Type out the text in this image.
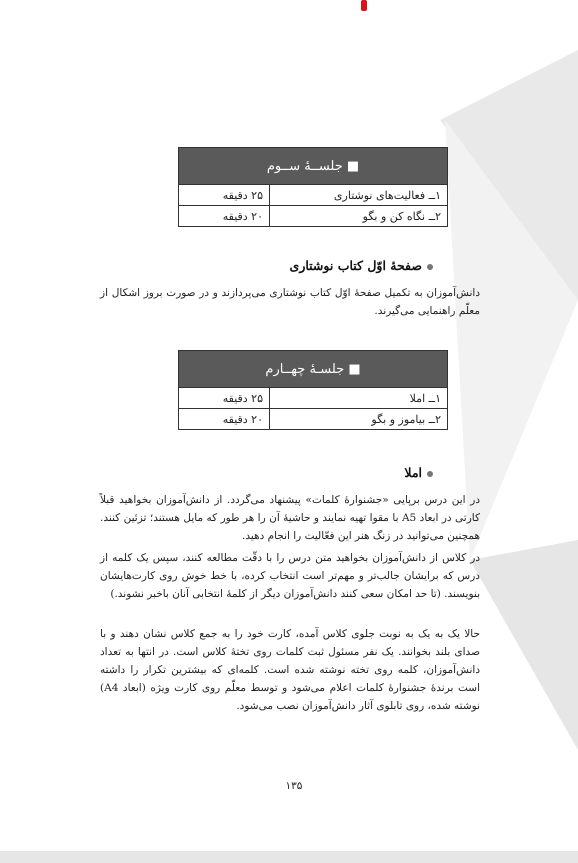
■ جلســهٔ ســوم
۱ــ فعالیت‌های نوشتاری
۲۵ دقیقه
۲ــ نگاه کن و بگو
۲۰ دقیقه
صفحهٔ اوّل کتاب نوشتاری

دانش‌آموزان به تکمیل صفحهٔ اوّل کتاب نوشتاری می‌پردازند و در صورت بروز اشکال از معلّم راهنمایی می‌گیرند.

■ جلسـهٔ چهــارم
۱ــ املا
۲۵ دقیقه
۲ــ بیاموز و بگو
۲۰ دقیقه
املا

در این درس برپایی «جشنوارهٔ کلمات» پیشنهاد می‌گردد. از دانش‌آموزان بخواهید قبلاً کارتی در ابعاد A5 با مقوا تهیه نمایند و حاشیهٔ آن را هر طور که مایل هستند؛ تزئین کنند. همچنین می‌توانید در زنگ هنر این فعّالیت را انجام دهید.

در کلاس از دانش‌آموزان بخواهید متن درس را با دقّت مطالعه کنند، سپس یک کلمه از درس که برایشان جالب‌تر و مهم‌تر است انتخاب کرده، با خط خوش روی کارت‌هایشان بنویسند. (تا حد امکان سعی کنند دانش‌آموزان دیگر از کلمهٔ انتخابی آنان باخبر نشوند.)

حالا یک به یک به نوبت جلوی کلاس آمده، کارت خود را به جمع کلاس نشان دهند و با صدای بلند بخوانند. یک نفر مسئول ثبت کلمات روی تختهٔ کلاس است. در انتها به تعداد دانش‌آموزان، کلمه روی تخته نوشته شده است. کلمه‌ای که بیشترین تکرار را داشته است برندهٔ جشنوارهٔ کلمات اعلام می‌شود و توسط معلّم روی کارت ویژه (ابعاد A4) نوشته شده، روی تابلوی آثار دانش‌آموزان نصب می‌شود.

۱۳۵
